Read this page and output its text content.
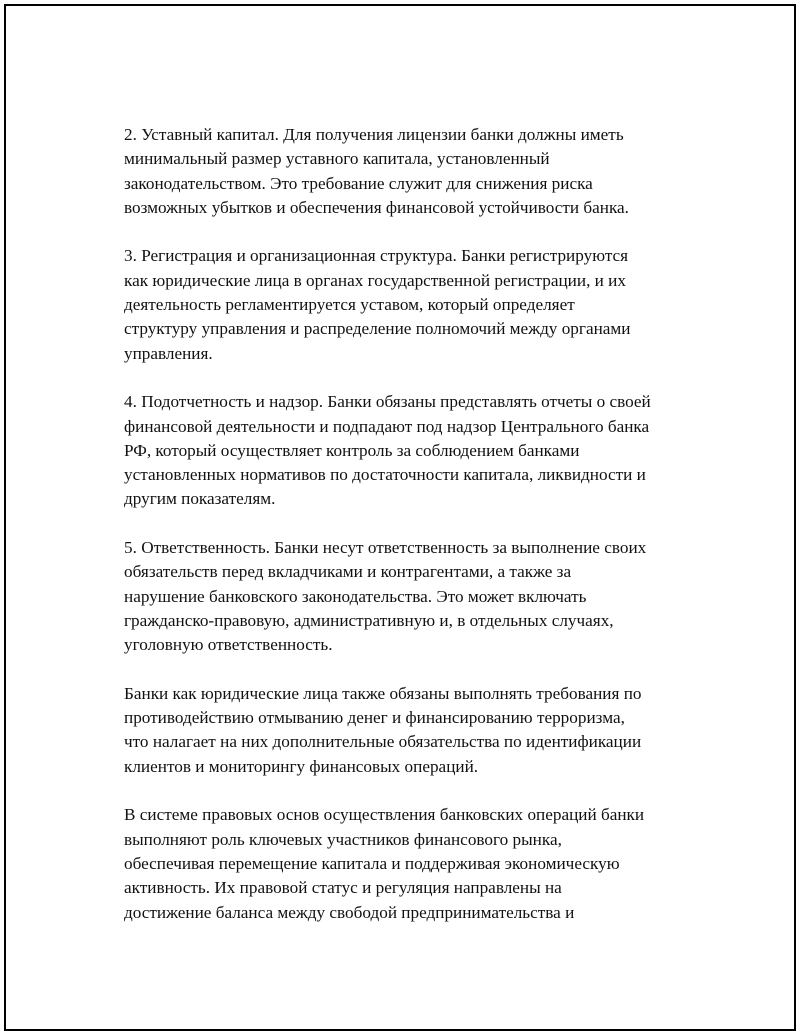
2. Уставный капитал. Для получения лицензии банки должны иметь
минимальный размер уставного капитала, установленный
законодательством. Это требование служит для снижения риска
возможных убытков и обеспечения финансовой устойчивости банка.

3. Регистрация и организационная структура. Банки регистрируются
как юридические лица в органах государственной регистрации, и их
деятельность регламентируется уставом, который определяет
структуру управления и распределение полномочий между органами
управления.

4. Подотчетность и надзор. Банки обязаны представлять отчеты о своей
финансовой деятельности и подпадают под надзор Центрального банка
РФ, который осуществляет контроль за соблюдением банками
установленных нормативов по достаточности капитала, ликвидности и
другим показателям.

5. Ответственность. Банки несут ответственность за выполнение своих
обязательств перед вкладчиками и контрагентами, а также за
нарушение банковского законодательства. Это может включать
гражданско-правовую, административную и, в отдельных случаях,
уголовную ответственность.

Банки как юридические лица также обязаны выполнять требования по
противодействию отмыванию денег и финансированию терроризма,
что налагает на них дополнительные обязательства по идентификации
клиентов и мониторингу финансовых операций.

В системе правовых основ осуществления банковских операций банки
выполняют роль ключевых участников финансового рынка,
обеспечивая перемещение капитала и поддерживая экономическую
активность. Их правовой статус и регуляция направлены на
достижение баланса между свободой предпринимательства и
